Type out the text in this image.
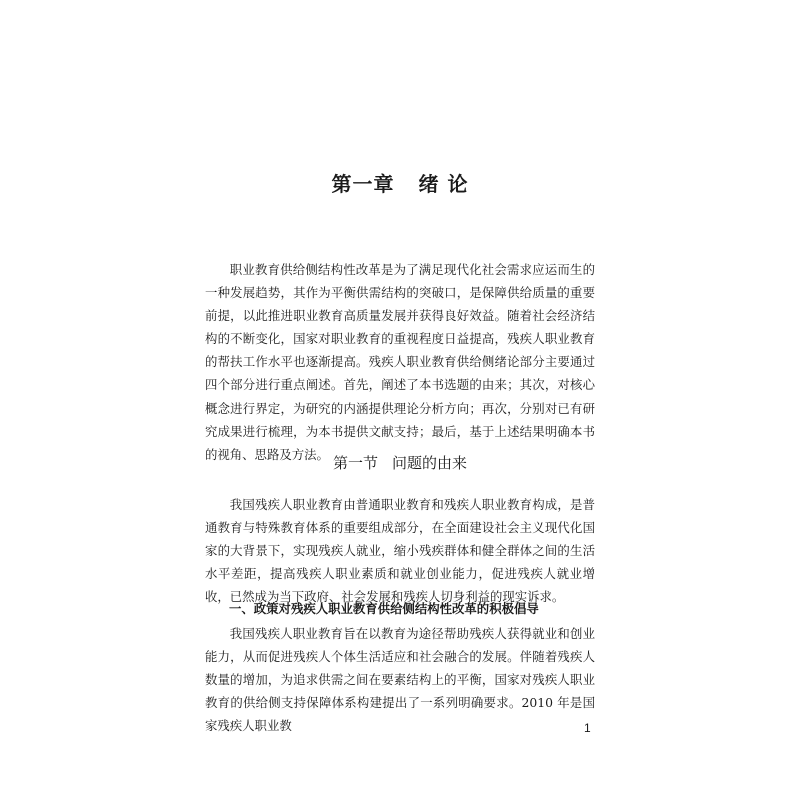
第一章 绪 论

职业教育供给侧结构性改革是为了满足现代化社会需求应运而生的一种发展趋势，其作为平衡供需结构的突破口，是保障供给质量的重要前提，以此推进职业教育高质量发展并获得良好效益。随着社会经济结构的不断变化，国家对职业教育的重视程度日益提高，残疾人职业教育的帮扶工作水平也逐渐提高。残疾人职业教育供给侧绪论部分主要通过四个部分进行重点阐述。首先，阐述了本书选题的由来；其次，对核心概念进行界定，为研究的内涵提供理论分析方向；再次，分别对已有研究成果进行梳理，为本书提供文献支持；最后，基于上述结果明确本书的视角、思路及方法。 第一节 问题的由来

我国残疾人职业教育由普通职业教育和残疾人职业教育构成，是普通教育与特殊教育体系的重要组成部分，在全面建设社会主义现代化国家的大背景下，实现残疾人就业，缩小残疾群体和健全群体之间的生活水平差距，提高残疾人职业素质和就业创业能力，促进残疾人就业增收，已然成为当下政府、社会发展和残疾人切身利益的现实诉求。

一、政策对残疾人职业教育供给侧结构性改革的积极倡导

我国残疾人职业教育旨在以教育为途径帮助残疾人获得就业和创业能力，从而促进残疾人个体生活适应和社会融合的发展。伴随着残疾人数量的增加，为追求供需之间在要素结构上的平衡，国家对残疾人职业教育的供给侧支持保障体系构建提出了一系列明确要求。2010 年是国家残疾人职业教	1
